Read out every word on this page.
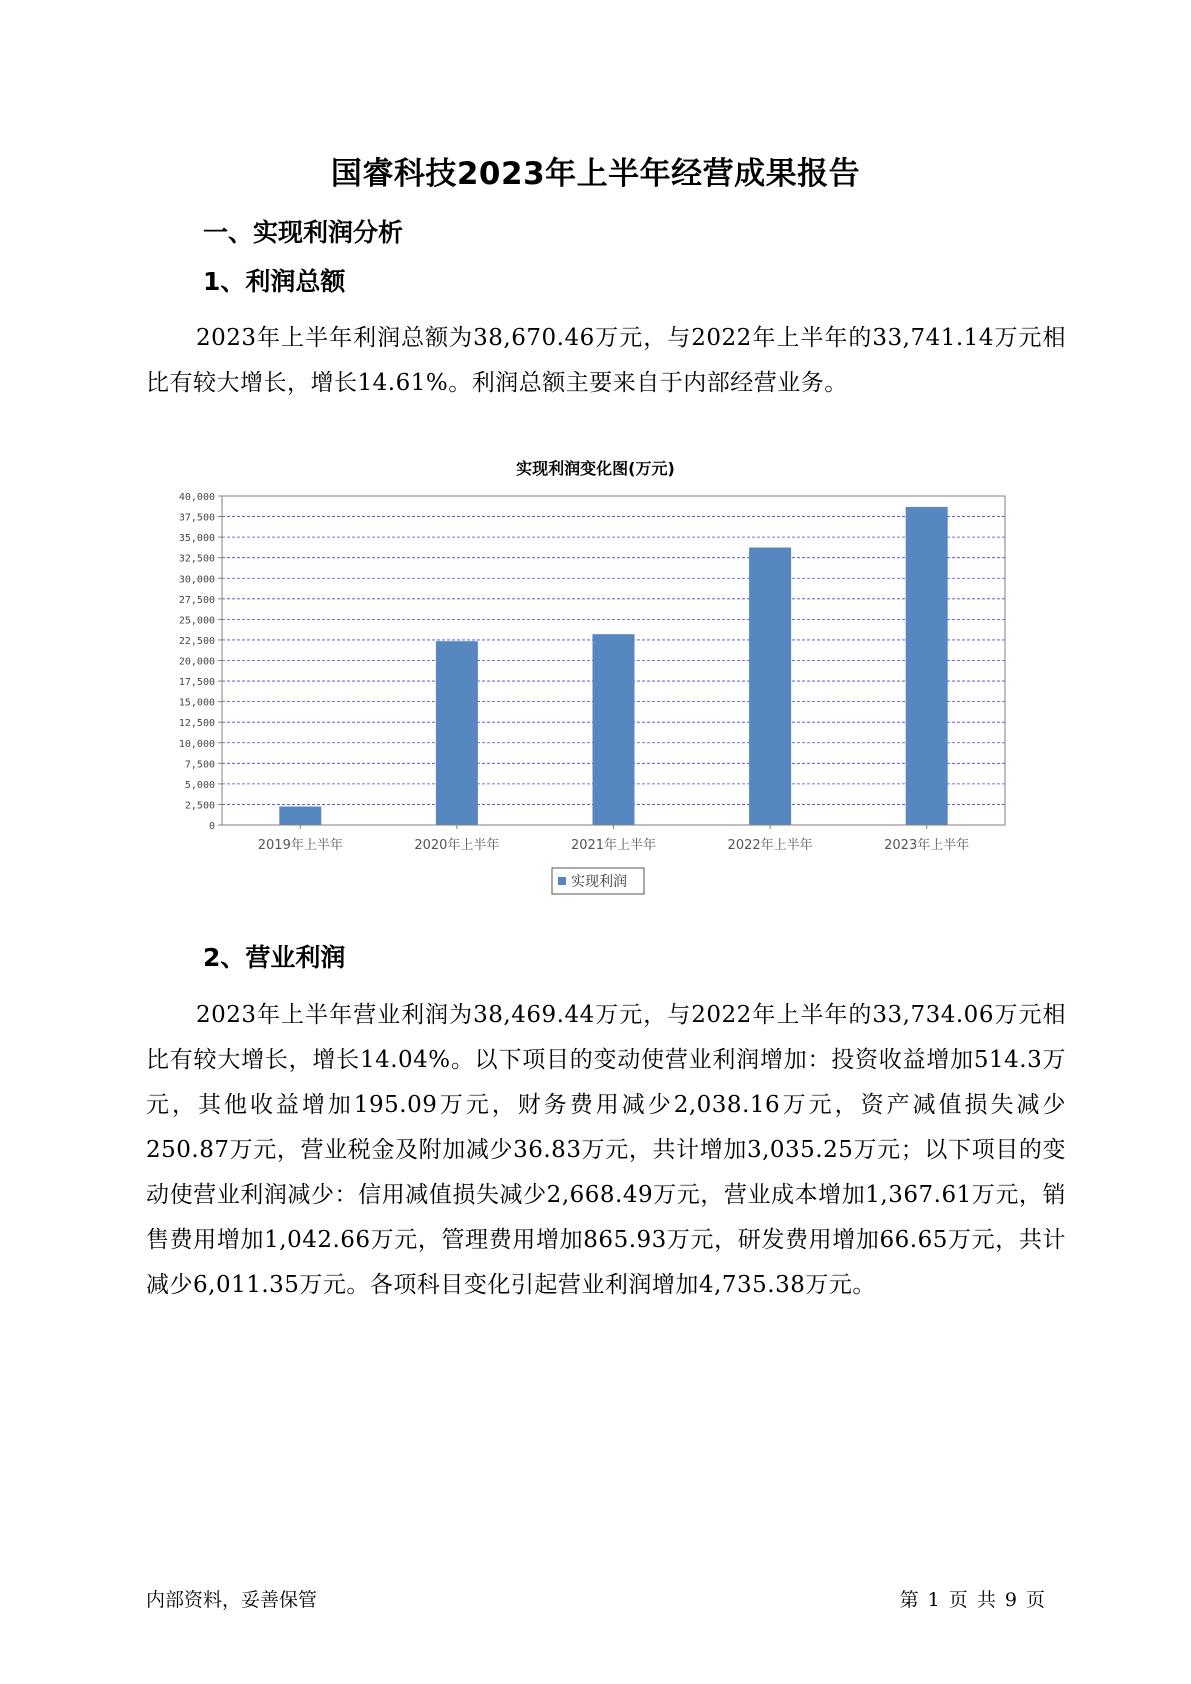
国睿科技2023年上半年经营成果报告
一、实现利润分析
1、利润总额
2023年上半年利润总额为38,670.46万元，与2022年上半年的33,741.14万元相比有较大增长，增长14.61%。利润总额主要来自于内部经营业务。
实现利润变化图(万元)
0
2,500
5,000
7,500
10,000
12,500
15,000
17,500
20,000
22,500
25,000
27,500
30,000
32,500
35,000
37,500
40,000
2019年上半年	2020年上半年	2021年上半年	2022年上半年	2023年上半年
实现利润
2、营业利润
2023年上半年营业利润为38,469.44万元，与2022年上半年的33,734.06万元相比有较大增长，增长14.04%。以下项目的变动使营业利润增加：投资收益增加514.3万元，其他收益增加195.09万元，财务费用减少2,038.16万元，资产减值损失减少250.87万元，营业税金及附加减少36.83万元，共计增加3,035.25万元；以下项目的变动使营业利润减少：信用减值损失减少2,668.49万元，营业成本增加1,367.61万元，销售费用增加1,042.66万元，管理费用增加865.93万元，研发费用增加66.65万元，共计减少6,011.35万元。各项科目变化引起营业利润增加4,735.38万元。
内部资料，妥善保管	第 1 页 共 9 页
